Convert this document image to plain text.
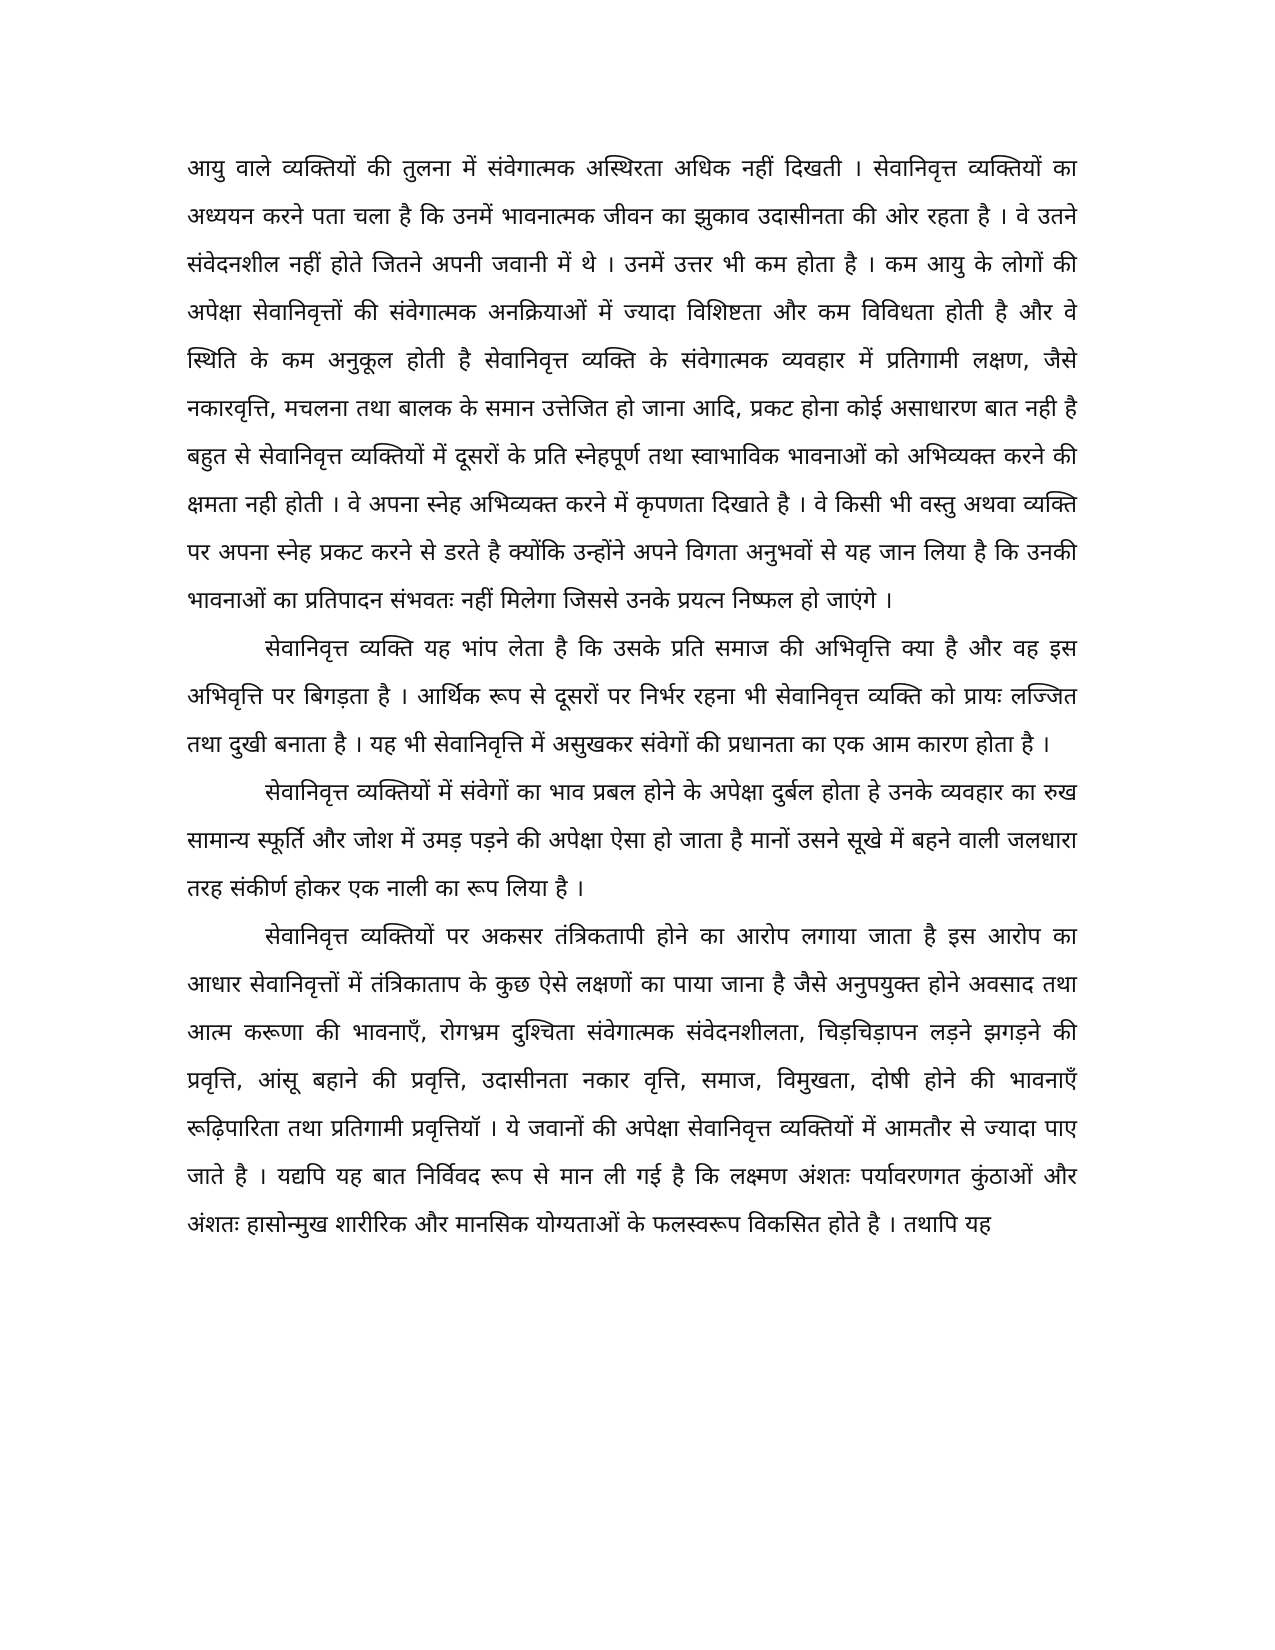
आयु वाले व्यक्तियों की तुलना में संवेगात्मक अस्थिरता अधिक नहीं दिखती । सेवानिवृत्त व्यक्तियों का अध्ययन करने पता चला है कि उनमें भावनात्मक जीवन का झुकाव उदासीनता की ओर रहता है । वे उतने संवेदनशील नहीं होते जितने अपनी जवानी में थे । उनमें उत्तर भी कम होता है । कम आयु के लोगों की अपेक्षा सेवानिवृत्तों की संवेगात्मक अनक्रियाओं में ज्यादा विशिष्टता और कम विविधता होती है और वे स्थिति के कम अनुकूल होती है सेवानिवृत्त व्यक्ति के संवेगात्मक व्यवहार में प्रतिगामी लक्षण, जैसे नकारवृत्ति, मचलना तथा बालक के समान उत्तेजित हो जाना आदि, प्रकट होना कोई असाधारण बात नही है बहुत से सेवानिवृत्त व्यक्तियों में दूसरों के प्रति स्नेहपूर्ण तथा स्वाभाविक भावनाओं को अभिव्यक्त करने की क्षमता नही होती । वे अपना स्नेह अभिव्यक्त करने में कृपणता दिखाते है । वे किसी भी वस्तु अथवा व्यक्ति पर अपना स्नेह प्रकट करने से डरते है क्योंकि उन्होंने अपने विगता अनुभवों से यह जान लिया है कि उनकी भावनाओं का प्रतिपादन संभवतः नहीं मिलेगा जिससे उनके प्रयत्न निष्फल हो जाएंगे ।

सेवानिवृत्त व्यक्ति यह भांप लेता है कि उसके प्रति समाज की अभिवृत्ति क्या है और वह इस अभिवृत्ति पर बिगड़ता है । आर्थिक रूप से दूसरों पर निर्भर रहना भी सेवानिवृत्त व्यक्ति को प्रायः लज्जित तथा दुखी बनाता है । यह भी सेवानिवृत्ति में असुखकर संवेगों की प्रधानता का एक आम कारण होता है ।

सेवानिवृत्त व्यक्तियों में संवेगों का भाव प्रबल होने के अपेक्षा दुर्बल होता हे उनके व्यवहार का रुख सामान्य स्फूर्ति और जोश में उमड़ पड़ने की अपेक्षा ऐसा हो जाता है मानों उसने सूखे में बहने वाली जलधारा तरह संकीर्ण होकर एक नाली का रूप लिया है ।

सेवानिवृत्त व्यक्तियों पर अकसर तंत्रिकतापी होने का आरोप लगाया जाता है इस आरोप का आधार सेवानिवृत्तों में तंत्रिकाताप के कुछ ऐसे लक्षणों का पाया जाना है जैसे अनुपयुक्त होने अवसाद तथा आत्म करूणा की भावनाएँ, रोगभ्रम दुश्चिता संवेगात्मक संवेदनशीलता, चिड़चिड़ापन लड़ने झगड़ने की प्रवृत्ति, आंसू बहाने की प्रवृत्ति, उदासीनता नकार वृत्ति, समाज, विमुखता, दोषी होने की भावनाएँ रूढ़िपारिता तथा प्रतिगामी प्रवृत्तियॉ । ये जवानों की अपेक्षा सेवानिवृत्त व्यक्तियों में आमतौर से ज्यादा पाए जाते है । यद्यपि यह बात निर्विवद रूप से मान ली गई है कि लक्ष्मण अंशतः पर्यावरणगत कुंठाओं और अंशतः हासोन्मुख शारीरिक और मानसिक योग्यताओं के फलस्वरूप विकसित होते है । तथापि यह
